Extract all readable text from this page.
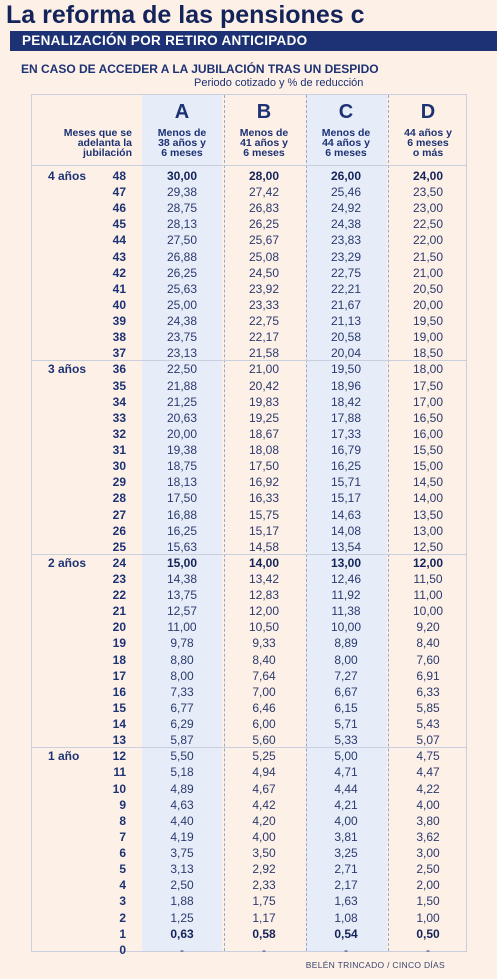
La reforma de las pensiones c
PENALIZACIÓN POR RETIRO ANTICIPADO
EN CASO DE ACCEDER A LA JUBILACIÓN TRAS UN DESPIDO
Periodo cotizado y % de reducción
Meses que se
adelanta la
jubilación
A
Menos de
38 años y
6 meses
B
Menos de
41 años y
6 meses
C
Menos de
44 años y
6 meses
D
44 años y
6 meses
o más
4 años	48	30,00	28,00	26,00	24,00
47	29,38	27,42	25,46	23,50
46	28,75	26,83	24,92	23,00
45	28,13	26,25	24,38	22,50
44	27,50	25,67	23,83	22,00
43	26,88	25,08	23,29	21,50
42	26,25	24,50	22,75	21,00
41	25,63	23,92	22,21	20,50
40	25,00	23,33	21,67	20,00
39	24,38	22,75	21,13	19,50
38	23,75	22,17	20,58	19,00
37	23,13	21,58	20,04	18,50
3 años	36	22,50	21,00	19,50	18,00
35	21,88	20,42	18,96	17,50
34	21,25	19,83	18,42	17,00
33	20,63	19,25	17,88	16,50
32	20,00	18,67	17,33	16,00
31	19,38	18,08	16,79	15,50
30	18,75	17,50	16,25	15,00
29	18,13	16,92	15,71	14,50
28	17,50	16,33	15,17	14,00
27	16,88	15,75	14,63	13,50
26	16,25	15,17	14,08	13,00
25	15,63	14,58	13,54	12,50
2 años	24	15,00	14,00	13,00	12,00
23	14,38	13,42	12,46	11,50
22	13,75	12,83	11,92	11,00
21	12,57	12,00	11,38	10,00
20	11,00	10,50	10,00	9,20
19	9,78	9,33	8,89	8,40
18	8,80	8,40	8,00	7,60
17	8,00	7,64	7,27	6,91
16	7,33	7,00	6,67	6,33
15	6,77	6,46	6,15	5,85
14	6,29	6,00	5,71	5,43
13	5,87	5,60	5,33	5,07
1 año	12	5,50	5,25	5,00	4,75
11	5,18	4,94	4,71	4,47
10	4,89	4,67	4,44	4,22
9	4,63	4,42	4,21	4,00
8	4,40	4,20	4,00	3,80
7	4,19	4,00	3,81	3,62
6	3,75	3,50	3,25	3,00
5	3,13	2,92	2,71	2,50
4	2,50	2,33	2,17	2,00
3	1,88	1,75	1,63	1,50
2	1,25	1,17	1,08	1,00
1	0,63	0,58	0,54	0,50
0	-	-	-	-
BELÉN TRINCADO / CINCO DÍAS
